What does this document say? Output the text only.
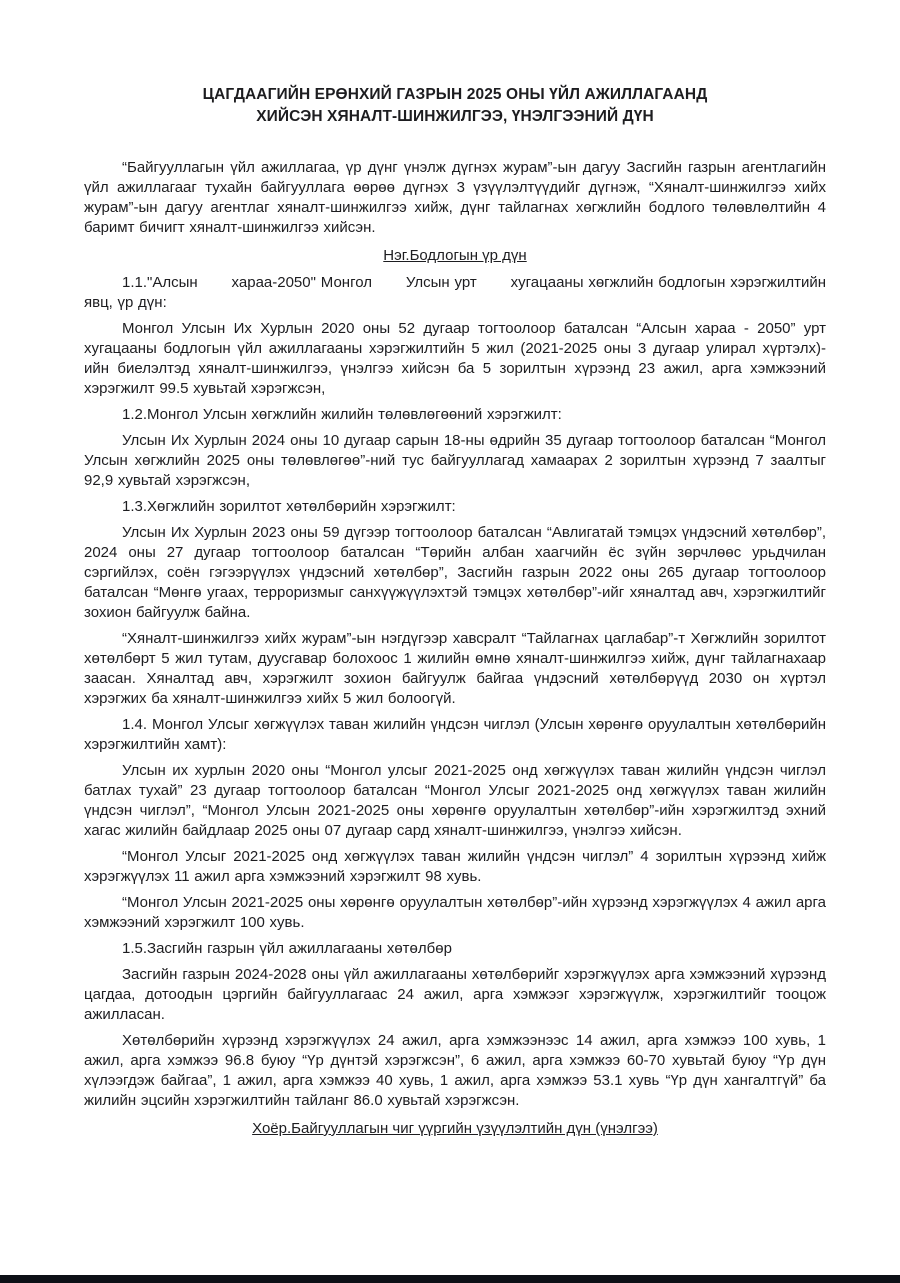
ЦАГДААГИЙН ЕРӨНХИЙ ГАЗРЫН 2025 ОНЫ ҮЙЛ АЖИЛЛАГААНД
ХИЙСЭН ХЯНАЛТ-ШИНЖИЛГЭЭ, ҮНЭЛГЭЭНИЙ ДҮН

“Байгууллагын үйл ажиллагаа, үр дүнг үнэлж дүгнэх журам”-ын дагуу Засгийн газрын агентлагийн үйл ажиллагааг тухайн байгууллага өөрөө дүгнэх 3 үзүүлэлтүүдийг дүгнэж, “Хяналт-шинжилгээ хийх журам”-ын дагуу агентлаг хяналт-шинжилгээ хийж, дүнг тайлагнах хөгжлийн бодлого төлөвлөлтийн 4 баримт бичигт хяналт-шинжилгээ хийсэн.

Нэг.Бодлогын үр дүн

1.1."Алсын       хараа-2050" Монгол       Улсын урт       хугацааны хөгжлийн бодлогын хэрэгжилтийн явц, үр дүн:

Монгол Улсын Их Хурлын 2020 оны 52 дугаар тогтоолоор баталсан “Алсын хараа - 2050” урт хугацааны бодлогын үйл ажиллагааны хэрэгжилтийн 5 жил (2021-2025 оны 3 дугаар улирал хүртэлх)-ийн биелэлтэд хяналт-шинжилгээ, үнэлгээ хийсэн ба 5 зорилтын хүрээнд 23 ажил, арга хэмжээний хэрэгжилт 99.5 хувьтай хэрэгжсэн,

1.2.Монгол Улсын хөгжлийн жилийн төлөвлөгөөний хэрэгжилт:

Улсын Их Хурлын 2024 оны 10 дугаар сарын 18-ны өдрийн 35 дугаар тогтоолоор баталсан “Монгол Улсын хөгжлийн 2025 оны төлөвлөгөө”-ний тус байгууллагад хамаарах 2 зорилтын хүрээнд 7 заалтыг 92,9 хувьтай хэрэгжсэн,

1.3.Хөгжлийн зорилтот хөтөлбөрийн хэрэгжилт:

Улсын Их Хурлын 2023 оны 59 дүгээр тогтоолоор баталсан “Авлигатай тэмцэх үндэсний хөтөлбөр”, 2024 оны 27 дугаар тогтоолоор баталсан “Төрийн албан хаагчийн ёс зүйн зөрчлөөс урьдчилан сэргийлэх, соён гэгээрүүлэх үндэсний хөтөлбөр”, Засгийн газрын 2022 оны 265 дугаар тогтоолоор баталсан “Мөнгө угаах, терроризмыг санхүүжүүлэхтэй тэмцэх хөтөлбөр”-ийг хяналтад авч, хэрэгжилтийг зохион байгуулж байна.

“Хяналт-шинжилгээ хийх журам”-ын нэгдүгээр хавсралт “Тайлагнах цаглабар”-т Хөгжлийн зорилтот хөтөлбөрт 5 жил тутам, дуусгавар болохоос 1 жилийн өмнө хяналт-шинжилгээ хийж, дүнг тайлагнахаар заасан. Хяналтад авч, хэрэгжилт зохион байгуулж байгаа үндэсний хөтөлбөрүүд 2030 он хүртэл хэрэгжих ба хяналт-шинжилгээ хийх 5 жил болоогүй.

1.4. Монгол Улсыг хөгжүүлэх таван жилийн үндсэн чиглэл (Улсын хөрөнгө оруулалтын хөтөлбөрийн хэрэгжилтийн хамт):

Улсын их хурлын 2020 оны “Монгол улсыг 2021-2025 онд хөгжүүлэх таван жилийн үндсэн чиглэл батлах тухай” 23 дугаар тогтоолоор баталсан “Монгол Улсыг 2021-2025 онд хөгжүүлэх таван жилийн үндсэн чиглэл”, “Монгол Улсын 2021-2025 оны хөрөнгө оруулалтын хөтөлбөр”-ийн хэрэгжилтэд эхний хагас жилийн байдлаар 2025 оны 07 дугаар сард хяналт-шинжилгээ, үнэлгээ хийсэн.

“Монгол Улсыг 2021-2025 онд хөгжүүлэх таван жилийн үндсэн чиглэл” 4 зорилтын хүрээнд хийж хэрэгжүүлэх 11 ажил арга хэмжээний хэрэгжилт 98 хувь.

“Монгол Улсын 2021-2025 оны хөрөнгө оруулалтын хөтөлбөр”-ийн хүрээнд хэрэгжүүлэх 4 ажил арга хэмжээний хэрэгжилт 100 хувь.

1.5.Засгийн газрын үйл ажиллагааны хөтөлбөр

Засгийн газрын 2024-2028 оны үйл ажиллагааны хөтөлбөрийг хэрэгжүүлэх арга хэмжээний хүрээнд цагдаа, дотоодын цэргийн байгууллагаас 24 ажил, арга хэмжээг хэрэгжүүлж, хэрэгжилтийг тооцож ажилласан.

Хөтөлбөрийн хүрээнд хэрэгжүүлэх 24 ажил, арга хэмжээнээс 14 ажил, арга хэмжээ 100 хувь, 1 ажил, арга хэмжээ 96.8 буюу “Үр дүнтэй хэрэгжсэн”, 6 ажил, арга хэмжээ 60-70 хувьтай буюу “Үр дүн хүлээгдэж байгаа”, 1 ажил, арга хэмжээ 40 хувь, 1 ажил, арга хэмжээ 53.1 хувь “Үр дүн хангалтгүй” ба жилийн эцсийн хэрэгжилтийн тайланг 86.0 хувьтай хэрэгжсэн.

Хоёр.Байгууллагын чиг үүргийн үзүүлэлтийн дүн (үнэлгээ)
